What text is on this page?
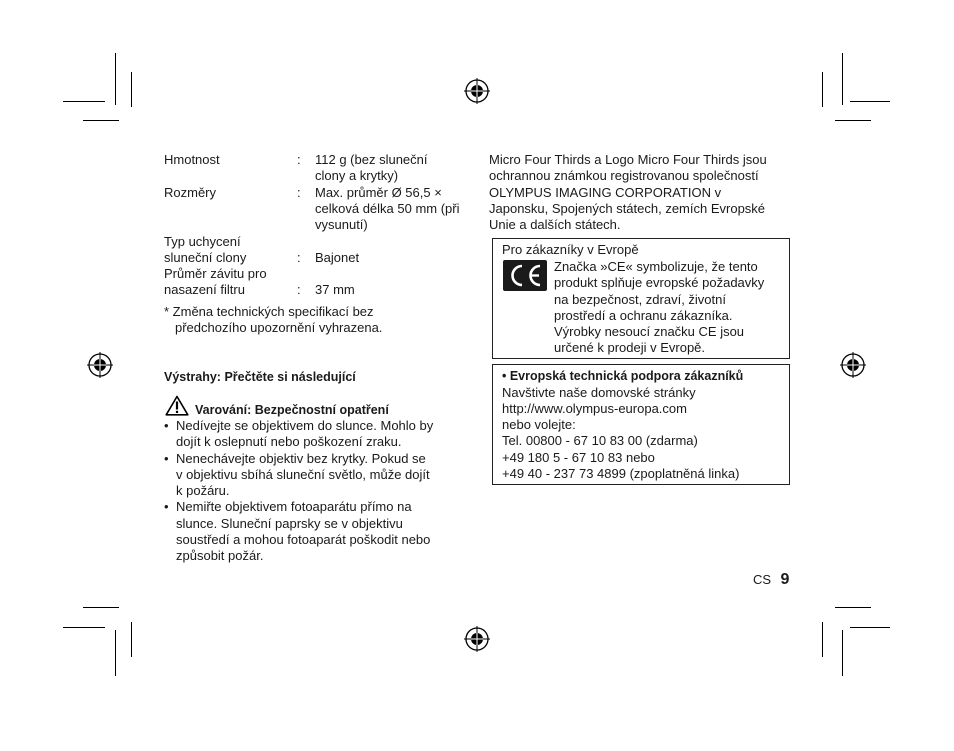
Hmotnost	: 112 g (bez sluneční
clony a krytky)
Rozměry	: Max. průměr Ø 56,5 ×
celková délka 50 mm (při
vysunutí)
Typ uchycení
sluneční clony	: Bajonet
Průměr závitu pro
nasazení filtru	: 37 mm
* Změna technických specifikací bez
předchozího upozornění vyhrazena.
Výstrahy: Přečtěte si následující
Varování: Bezpečnostní opatření
• Nedívejte se objektivem do slunce. Mohlo by
dojít k oslepnutí nebo poškození zraku.
• Nenechávejte objektiv bez krytky. Pokud se
v objektivu sbíhá sluneční světlo, může dojít
k požáru.
• Nemiřte objektivem fotoaparátu přímo na
slunce. Sluneční paprsky se v objektivu
soustředí a mohou fotoaparát poškodit nebo
způsobit požár.
Micro Four Thirds a Logo Micro Four Thirds jsou
ochrannou známkou registrovanou společností
OLYMPUS IMAGING CORPORATION v
Japonsku, Spojených státech, zemích Evropské
Unie a dalších státech.
Pro zákazníky v Evropě
Značka »CE« symbolizuje, že tento
produkt splňuje evropské požadavky
na bezpečnost, zdraví, životní
prostředí a ochranu zákazníka.
Výrobky nesoucí značku CE jsou
určené k prodeji v Evropě.
• Evropská technická podpora zákazníků
Navštivte naše domovské stránky
http://www.olympus-europa.com
nebo volejte:
Tel. 00800 - 67 10 83 00 (zdarma)
+49 180 5 - 67 10 83 nebo
+49 40 - 237 73 4899 (zpoplatněná linka)
CS 9
